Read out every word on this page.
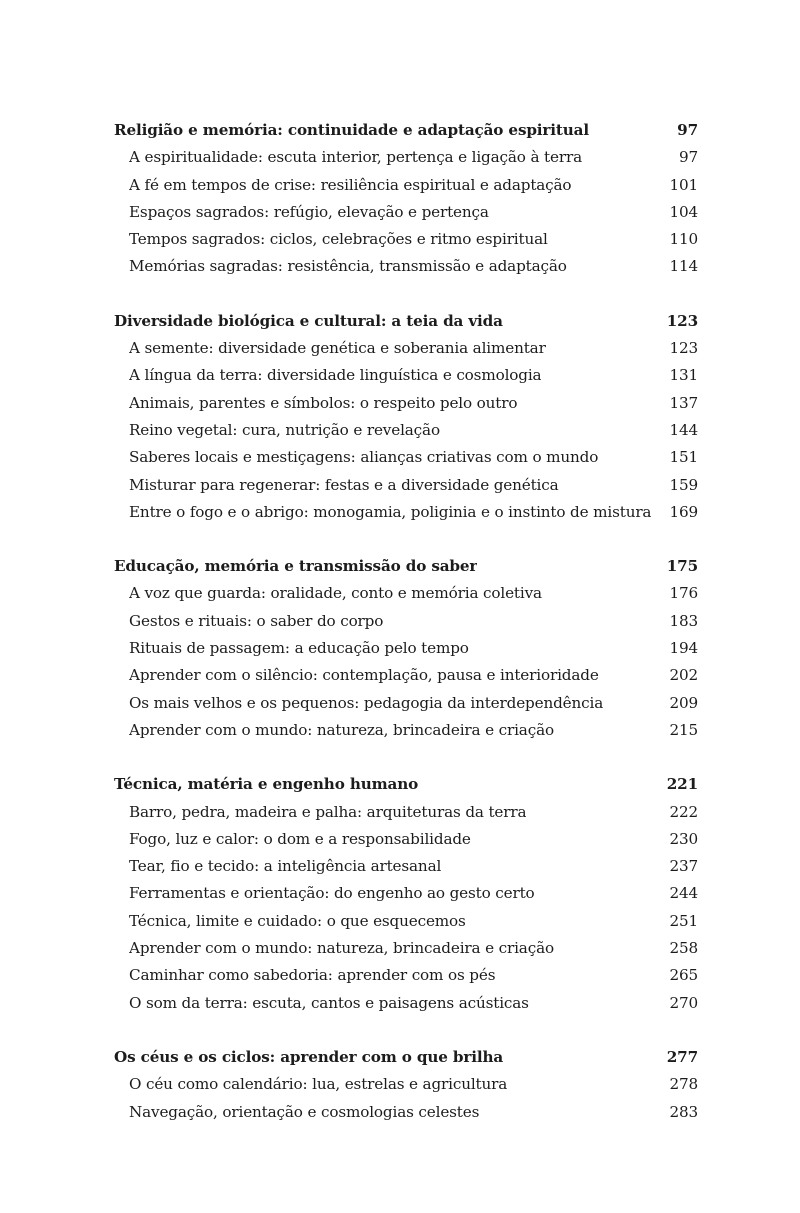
Religião e memória: continuidade e adaptação espiritual	97
A espiritualidade: escuta interior, pertença e ligação à terra	97
A fé em tempos de crise: resiliência espiritual e adaptação	101
Espaços sagrados: refúgio, elevação e pertença	104
Tempos sagrados: ciclos, celebrações e ritmo espiritual	110
Memórias sagradas: resistência, transmissão e adaptação	114
Diversidade biológica e cultural: a teia da vida	123
A semente: diversidade genética e soberania alimentar	123
A língua da terra: diversidade linguística e cosmologia	131
Animais, parentes e símbolos: o respeito pelo outro	137
Reino vegetal: cura, nutrição e revelação	144
Saberes locais e mestiçagens: alianças criativas com o mundo	151
Misturar para regenerar: festas e a diversidade genética	159
Entre o fogo e o abrigo: monogamia, poliginia e o instinto de mistura	169
Educação, memória e transmissão do saber	175
A voz que guarda: oralidade, conto e memória coletiva	176
Gestos e rituais: o saber do corpo	183
Rituais de passagem: a educação pelo tempo	194
Aprender com o silêncio: contemplação, pausa e interioridade	202
Os mais velhos e os pequenos: pedagogia da interdependência	209
Aprender com o mundo: natureza, brincadeira e criação	215
Técnica, matéria e engenho humano	221
Barro, pedra, madeira e palha: arquiteturas da terra	222
Fogo, luz e calor: o dom e a responsabilidade	230
Tear, fio e tecido: a inteligência artesanal	237
Ferramentas e orientação: do engenho ao gesto certo	244
Técnica, limite e cuidado: o que esquecemos	251
Aprender com o mundo: natureza, brincadeira e criação	258
Caminhar como sabedoria: aprender com os pés	265
O som da terra: escuta, cantos e paisagens acústicas	270
Os céus e os ciclos: aprender com o que brilha	277
O céu como calendário: lua, estrelas e agricultura	278
Navegação, orientação e cosmologias celestes	283
